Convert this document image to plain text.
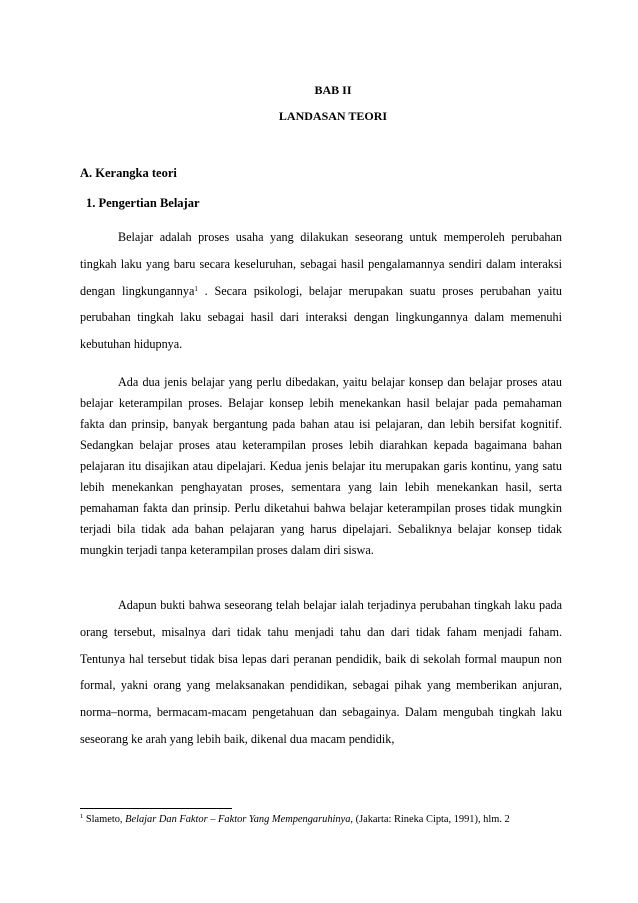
BAB II
LANDASAN TEORI
A. Kerangka teori
1. Pengertian Belajar

Belajar adalah proses usaha yang dilakukan seseorang untuk memperoleh perubahan tingkah laku yang baru secara keseluruhan, sebagai hasil pengalamannya sendiri dalam interaksi dengan lingkungannya$^1$ . Secara psikologi, belajar merupakan suatu proses perubahan yaitu perubahan tingkah laku sebagai hasil dari interaksi dengan lingkungannya dalam memenuhi kebutuhan hidupnya.

Ada dua jenis belajar yang perlu dibedakan, yaitu belajar konsep dan belajar proses atau belajar keterampilan proses. Belajar konsep lebih menekankan hasil belajar pada pemahaman fakta dan prinsip, banyak bergantung pada bahan atau isi pelajaran, dan lebih bersifat kognitif. Sedangkan belajar proses atau keterampilan proses lebih diarahkan kepada bagaimana bahan pelajaran itu disajikan atau dipelajari. Kedua jenis belajar itu merupakan garis kontinu, yang satu lebih menekankan penghayatan proses, sementara yang lain lebih menekankan hasil, serta pemahaman fakta dan prinsip. Perlu diketahui bahwa belajar keterampilan proses tidak mungkin terjadi bila tidak ada bahan pelajaran yang harus dipelajari. Sebaliknya belajar konsep tidak mungkin terjadi tanpa keterampilan proses dalam diri siswa.

Adapun bukti bahwa seseorang telah belajar ialah terjadinya perubahan tingkah laku pada orang tersebut, misalnya dari tidak tahu menjadi tahu dan dari tidak faham menjadi faham. Tentunya hal tersebut tidak bisa lepas dari peranan pendidik, baik di sekolah formal maupun non formal, yakni orang yang melaksanakan pendidikan, sebagai pihak yang memberikan anjuran, norma–norma, bermacam-macam pengetahuan dan sebagainya. Dalam mengubah tingkah laku seseorang ke arah yang lebih baik, dikenal dua macam pendidik,

$^1$ Slameto, Belajar Dan Faktor – Faktor Yang Mempengaruhinya, (Jakarta: Rineka Cipta, 1991), hlm. 2
